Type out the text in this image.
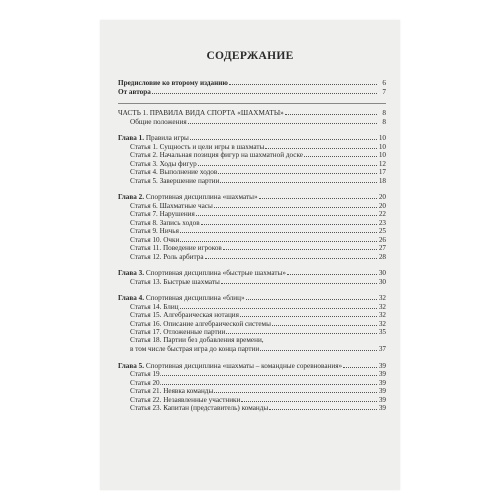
СОДЕРЖАНИЕ
Предисловие ко второму изданию	6
От автора	7
ЧАСТЬ 1. ПРАВИЛА ВИДА СПОРТА «ШАХМАТЫ»	8
Общие положения	8
Глава 1. Правила игры	10
Статья 1. Сущность и цели игры в шахматы	10
Статья 2. Начальная позиция фигур на шахматной доске	10
Статья 3. Ходы фигур	12
Статья 4. Выполнение ходов	17
Статья 5. Завершение партии	18
Глава 2. Спортивная дисциплина «шахматы»	20
Статья 6. Шахматные часы	20
Статья 7. Нарушения	22
Статья 8. Запись ходов	23
Статья 9. Ничья	25
Статья 10. Очки	26
Статья 11. Поведение игроков	27
Статья 12. Роль арбитра	28
Глава 3. Спортивная дисциплина «быстрые шахматы»	30
Статья 13. Быстрые шахматы	30
Глава 4. Спортивная дисциплина «блиц»	32
Статья 14. Блиц	32
Статья 15. Алгебраическая нотация	32
Статья 16. Описание алгебраической системы	32
Статья 17. Отложенные партии	35
Статья 18. Партии без добавления времени,
в том числе быстрая игра до конца партии	37
Глава 5. Спортивная дисциплина «шахматы – командные соревнования»	39
Статья 19.	39
Статья 20.	39
Статья 21. Неявка команды	39
Статья 22. Незаявленные участники	39
Статья 23. Капитан (представитель) команды	39
